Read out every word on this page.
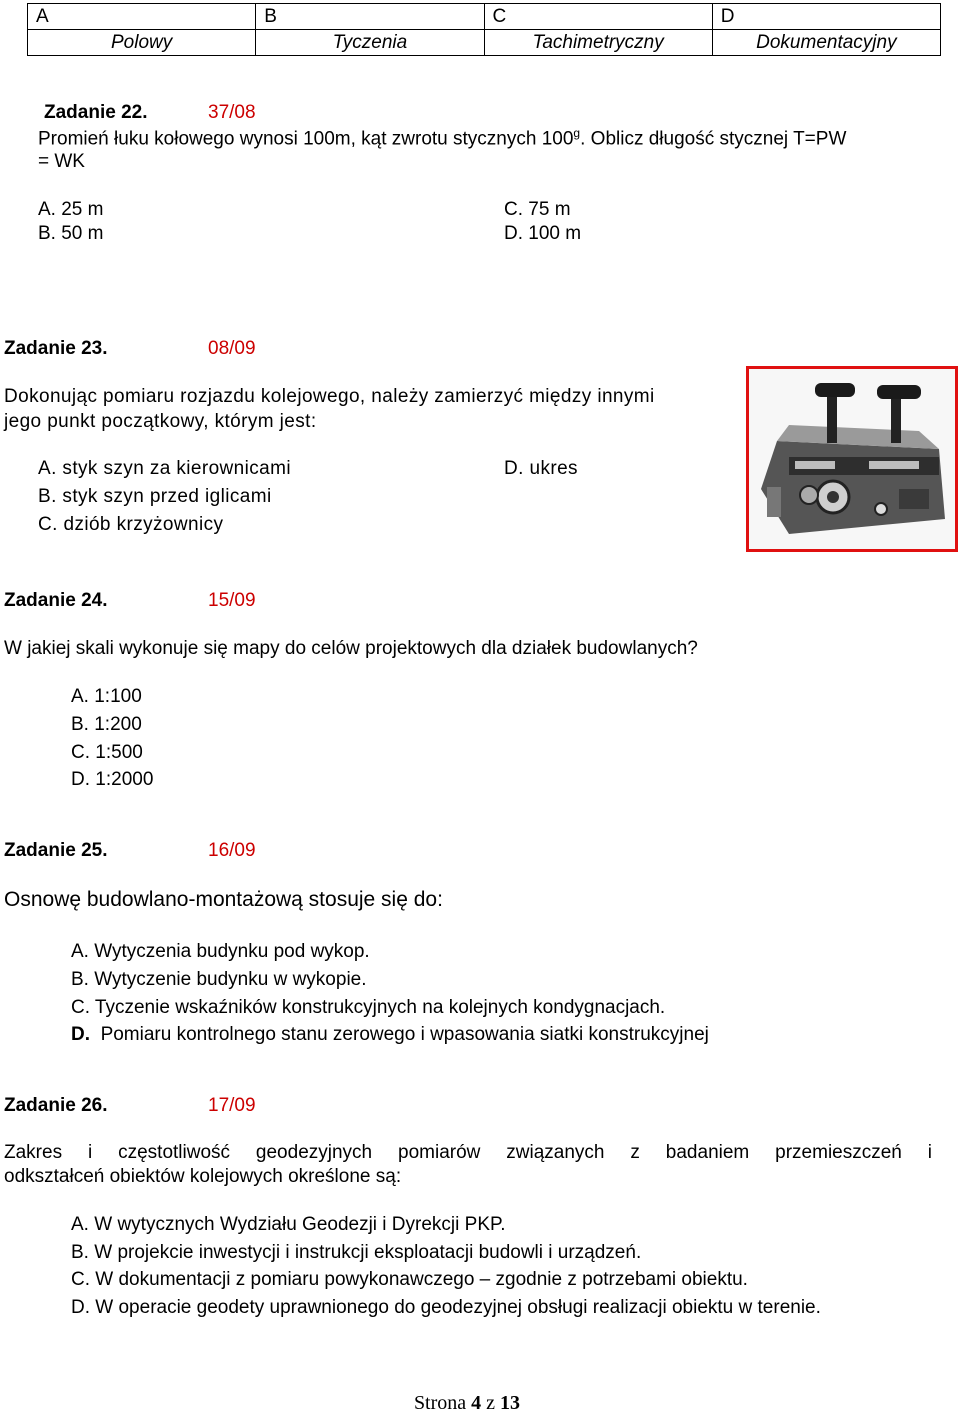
A	B	C	D
Polowy	Tyczenia	Tachimetryczny	Dokumentacyjny
Zadanie 22.	37/08
Promień łuku kołowego wynosi 100m, kąt zwrotu stycznych 100$^g$. Oblicz długość stycznej T=PW
= WK
A. 25 m
B. 50 m
C. 75 m
D. 100 m
Zadanie 23.	08/09
Dokonując pomiaru rozjazdu kolejowego, należy zamierzyć między innymi
jego punkt początkowy, którym jest:
A. styk szyn za kierownicami
B. styk szyn przed iglicami
C. dziób krzyżownicy
D. ukres
Zadanie 24.	15/09
W jakiej skali wykonuje się mapy do celów projektowych dla działek budowlanych?
A. 1:100
B. 1:200
C. 1:500
D. 1:2000
Zadanie 25.	16/09
Osnowę budowlano-montażową stosuje się do:
A. Wytyczenia budynku pod wykop.
B. Wytyczenie budynku w wykopie.
C. Tyczenie wskaźników konstrukcyjnych na kolejnych kondygnacjach.
D. Pomiaru kontrolnego stanu zerowego i wpasowania siatki konstrukcyjnej
Zadanie 26.	17/09
Zakres i częstotliwość geodezyjnych pomiarów związanych z badaniem przemieszczeń i
odkształceń obiektów kolejowych określone są:
A. W wytycznych Wydziału Geodezji i Dyrekcji PKP.
B. W projekcie inwestycji i instrukcji eksploatacji budowli i urządzeń.
C. W dokumentacji z pomiaru powykonawczego – zgodnie z potrzebami obiektu.
D. W operacie geodety uprawnionego do geodezyjnej obsługi realizacji obiektu w terenie.
Strona 4 z 13
